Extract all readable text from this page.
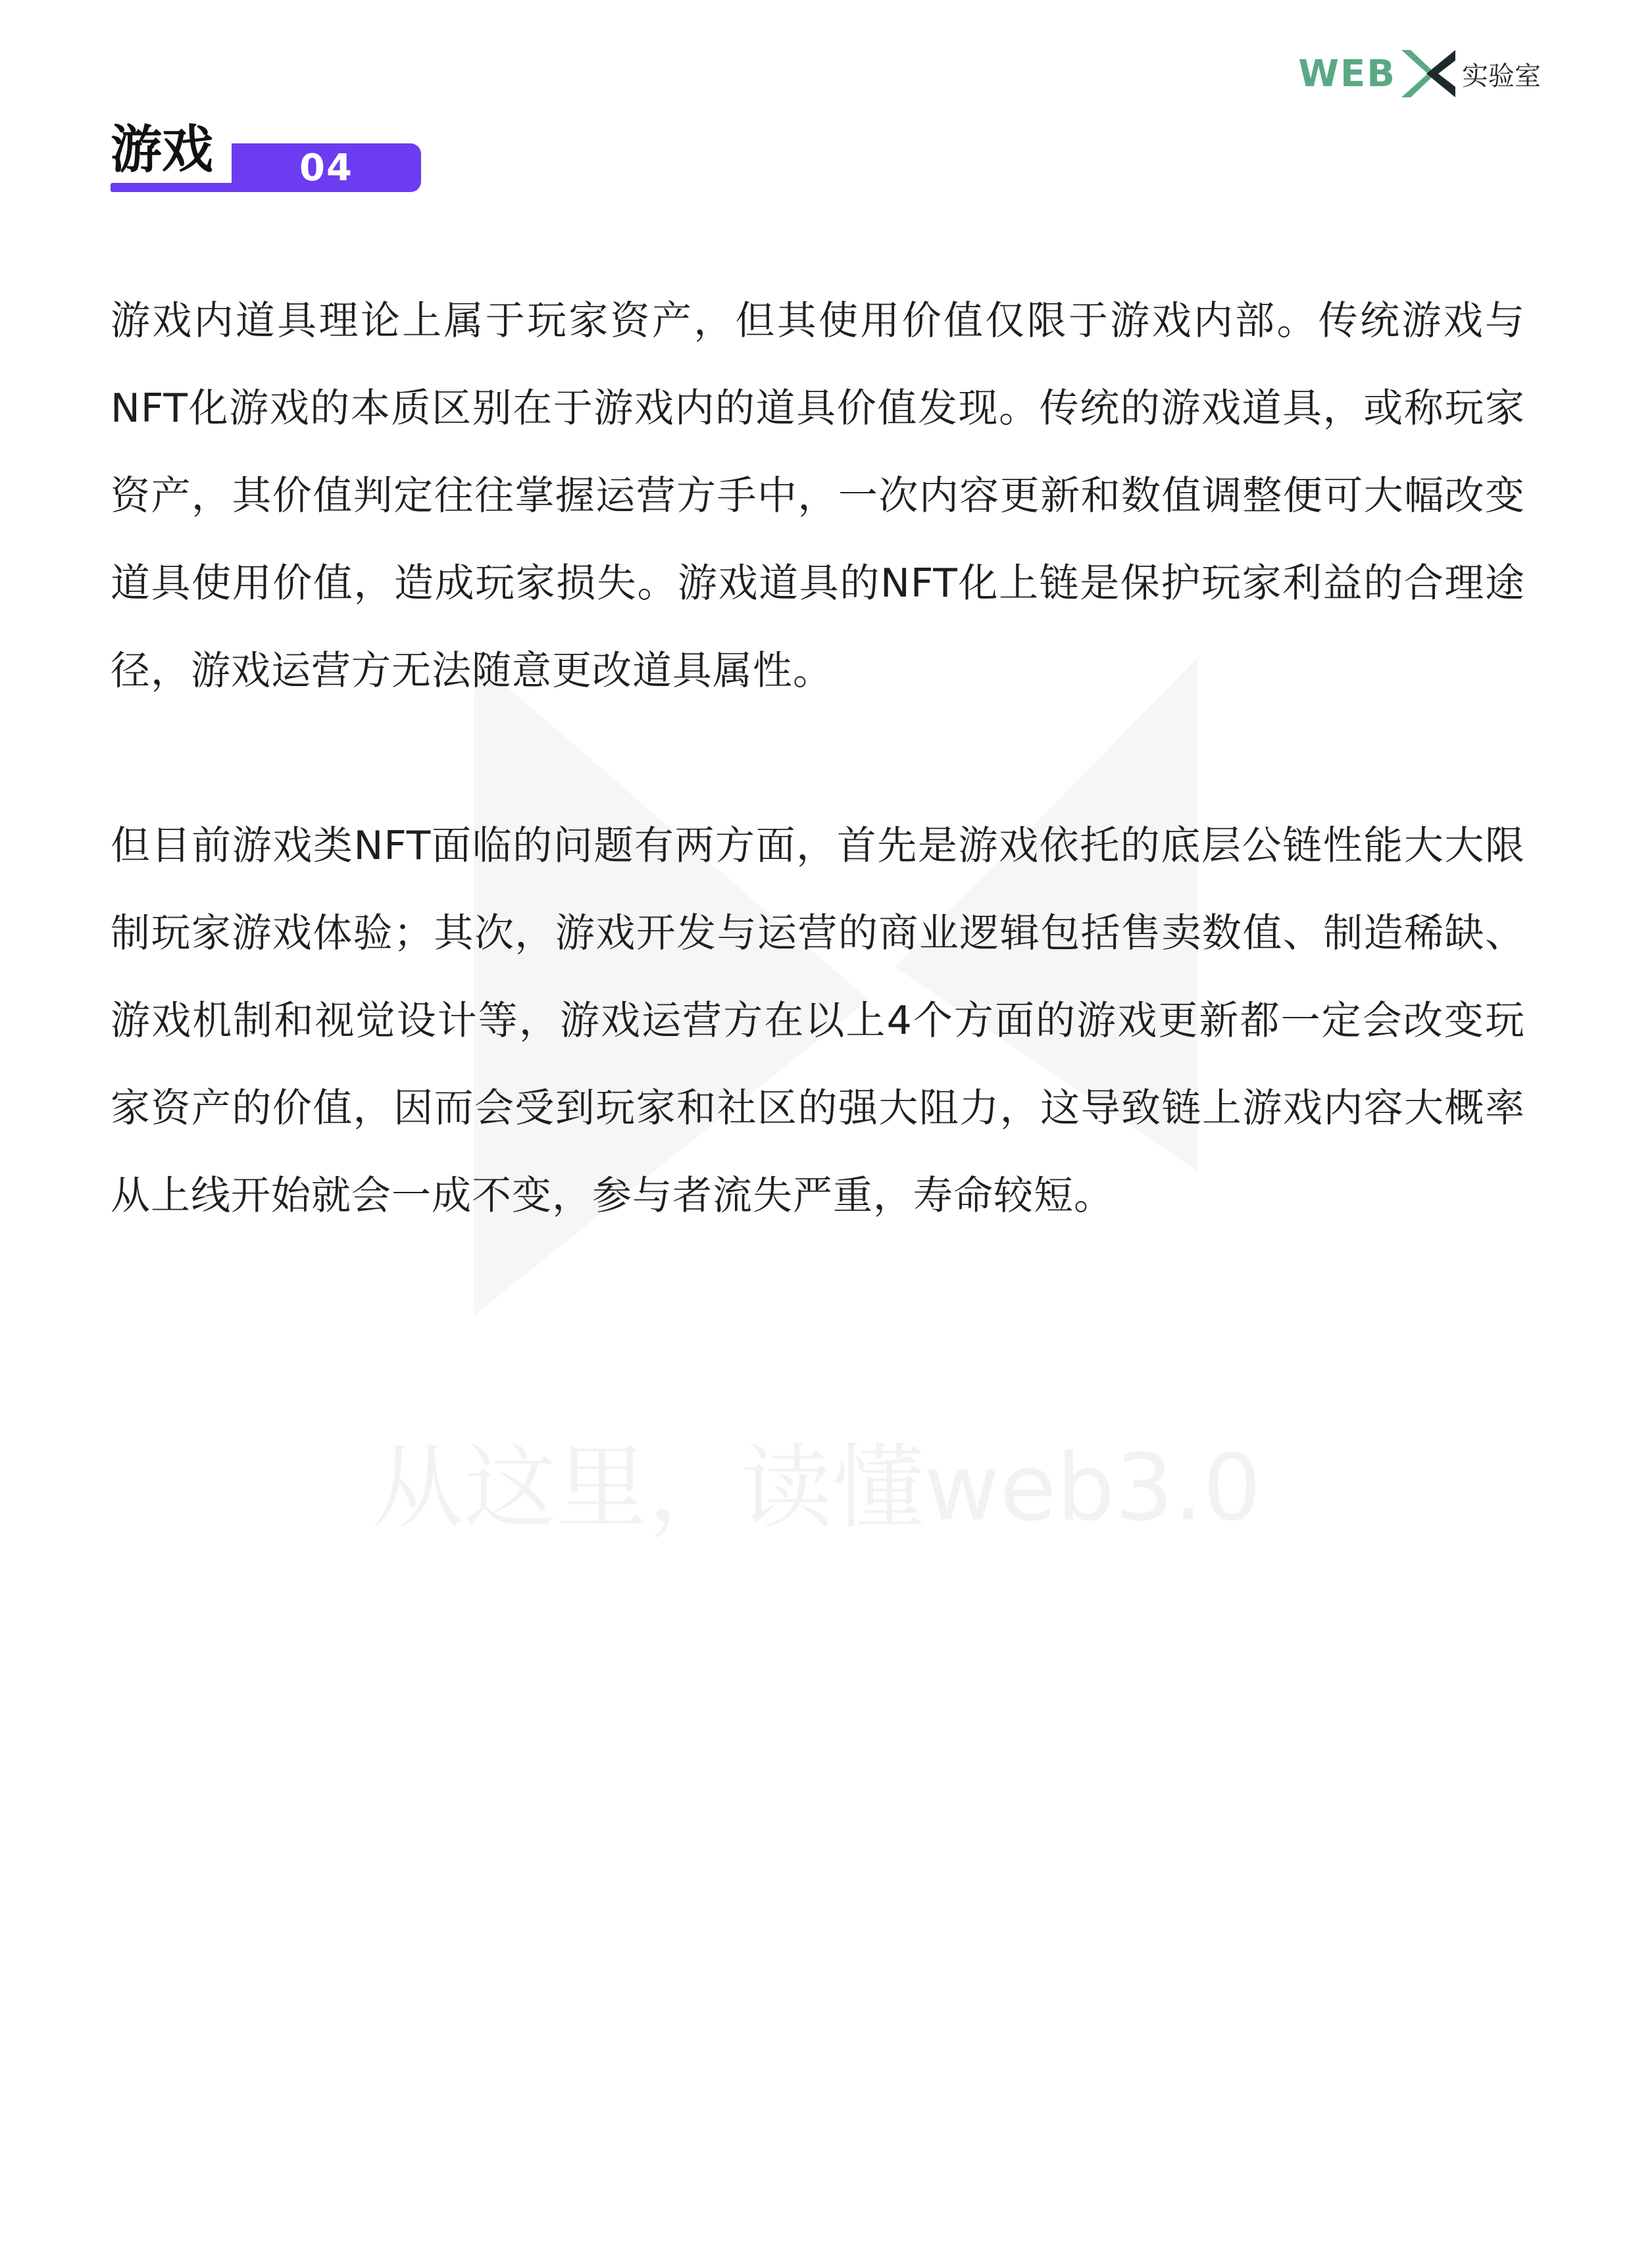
从这里，读懂web3.0
WEB	实验室
04
游戏

游戏内道具理论上属于玩家资产，但其使用价值仅限于游戏内部。传统游戏与NFT化游戏的本质区别在于游戏内的道具价值发现。传统的游戏道具，或称玩家资产，其价值判定往往掌握运营方手中，一次内容更新和数值调整便可大幅改变道具使用价值，造成玩家损失。游戏道具的NFT化上链是保护玩家利益的合理途径，游戏运营方无法随意更改道具属性。

但目前游戏类NFT面临的问题有两方面，首先是游戏依托的底层公链性能大大限制玩家游戏体验；其次，游戏开发与运营的商业逻辑包括售卖数值、制造稀缺、游戏机制和视觉设计等，游戏运营方在以上4个方面的游戏更新都一定会改变玩家资产的价值，因而会受到玩家和社区的强大阻力，这导致链上游戏内容大概率从上线开始就会一成不变，参与者流失严重，寿命较短。
